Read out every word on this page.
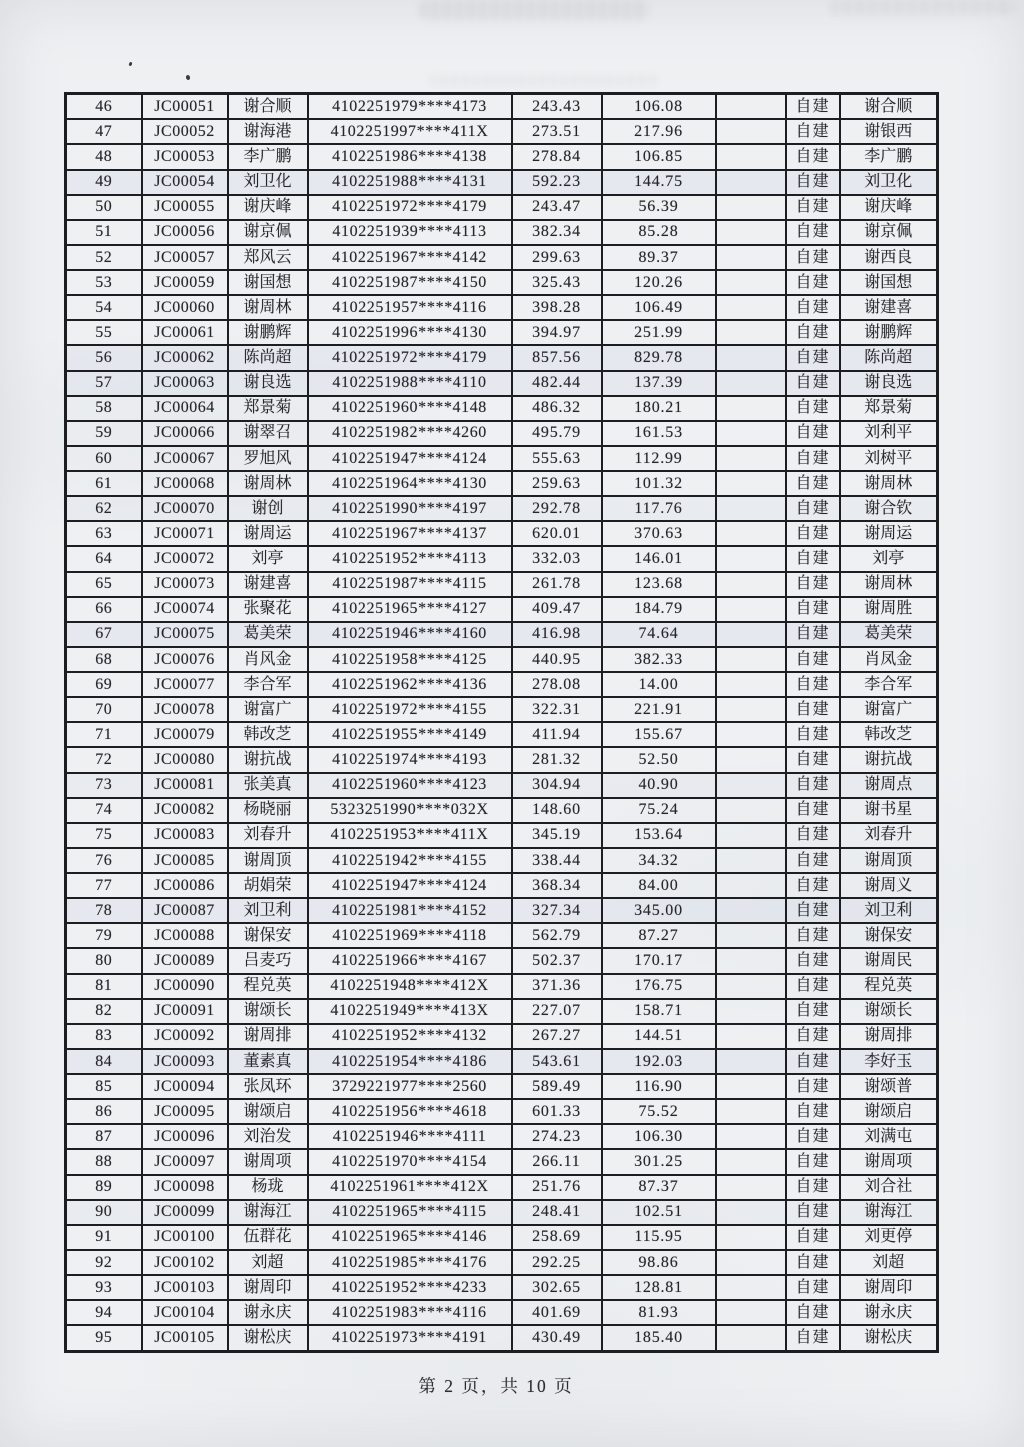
46	JC00051	谢合顺	4102251979****4173	243.43	106.08		自建	谢合顺
47	JC00052	谢海港	4102251997****411X	273.51	217.96		自建	谢银西
48	JC00053	李广鹏	4102251986****4138	278.84	106.85		自建	李广鹏
49	JC00054	刘卫化	4102251988****4131	592.23	144.75		自建	刘卫化
50	JC00055	谢庆峰	4102251972****4179	243.47	56.39		自建	谢庆峰
51	JC00056	谢京佩	4102251939****4113	382.34	85.28		自建	谢京佩
52	JC00057	郑风云	4102251967****4142	299.63	89.37		自建	谢西良
53	JC00059	谢国想	4102251987****4150	325.43	120.26		自建	谢国想
54	JC00060	谢周林	4102251957****4116	398.28	106.49		自建	谢建喜
55	JC00061	谢鹏辉	4102251996****4130	394.97	251.99		自建	谢鹏辉
56	JC00062	陈尚超	4102251972****4179	857.56	829.78		自建	陈尚超
57	JC00063	谢良选	4102251988****4110	482.44	137.39		自建	谢良选
58	JC00064	郑景菊	4102251960****4148	486.32	180.21		自建	郑景菊
59	JC00066	谢翠召	4102251982****4260	495.79	161.53		自建	刘利平
60	JC00067	罗旭风	4102251947****4124	555.63	112.99		自建	刘树平
61	JC00068	谢周林	4102251964****4130	259.63	101.32		自建	谢周林
62	JC00070	谢创	4102251990****4197	292.78	117.76		自建	谢合钦
63	JC00071	谢周运	4102251967****4137	620.01	370.63		自建	谢周运
64	JC00072	刘亭	4102251952****4113	332.03	146.01		自建	刘亭
65	JC00073	谢建喜	4102251987****4115	261.78	123.68		自建	谢周林
66	JC00074	张聚花	4102251965****4127	409.47	184.79		自建	谢周胜
67	JC00075	葛美荣	4102251946****4160	416.98	74.64		自建	葛美荣
68	JC00076	肖风金	4102251958****4125	440.95	382.33		自建	肖凤金
69	JC00077	李合军	4102251962****4136	278.08	14.00		自建	李合军
70	JC00078	谢富广	4102251972****4155	322.31	221.91		自建	谢富广
71	JC00079	韩改芝	4102251955****4149	411.94	155.67		自建	韩改芝
72	JC00080	谢抗战	4102251974****4193	281.32	52.50		自建	谢抗战
73	JC00081	张美真	4102251960****4123	304.94	40.90		自建	谢周点
74	JC00082	杨晓丽	5323251990****032X	148.60	75.24		自建	谢书星
75	JC00083	刘春升	4102251953****411X	345.19	153.64		自建	刘春升
76	JC00085	谢周顶	4102251942****4155	338.44	34.32		自建	谢周顶
77	JC00086	胡娟荣	4102251947****4124	368.34	84.00		自建	谢周义
78	JC00087	刘卫利	4102251981****4152	327.34	345.00		自建	刘卫利
79	JC00088	谢保安	4102251969****4118	562.79	87.27		自建	谢保安
80	JC00089	吕麦巧	4102251966****4167	502.37	170.17		自建	谢周民
81	JC00090	程兑英	4102251948****412X	371.36	176.75		自建	程兑英
82	JC00091	谢颂长	4102251949****413X	227.07	158.71		自建	谢颂长
83	JC00092	谢周排	4102251952****4132	267.27	144.51		自建	谢周排
84	JC00093	董素真	4102251954****4186	543.61	192.03		自建	李好玉
85	JC00094	张凤环	3729221977****2560	589.49	116.90		自建	谢颂普
86	JC00095	谢颂启	4102251956****4618	601.33	75.52		自建	谢颂启
87	JC00096	刘治发	4102251946****4111	274.23	106.30		自建	刘满屯
88	JC00097	谢周项	4102251970****4154	266.11	301.25		自建	谢周项
89	JC00098	杨珑	4102251961****412X	251.76	87.37		自建	刘合社
90	JC00099	谢海江	4102251965****4115	248.41	102.51		自建	谢海江
91	JC00100	伍群花	4102251965****4146	258.69	115.95		自建	刘更停
92	JC00102	刘超	4102251985****4176	292.25	98.86		自建	刘超
93	JC00103	谢周印	4102251952****4233	302.65	128.81		自建	谢周印
94	JC00104	谢永庆	4102251983****4116	401.69	81.93		自建	谢永庆
95	JC00105	谢松庆	4102251973****4191	430.49	185.40		自建	谢松庆
第 2 页，共 10 页
